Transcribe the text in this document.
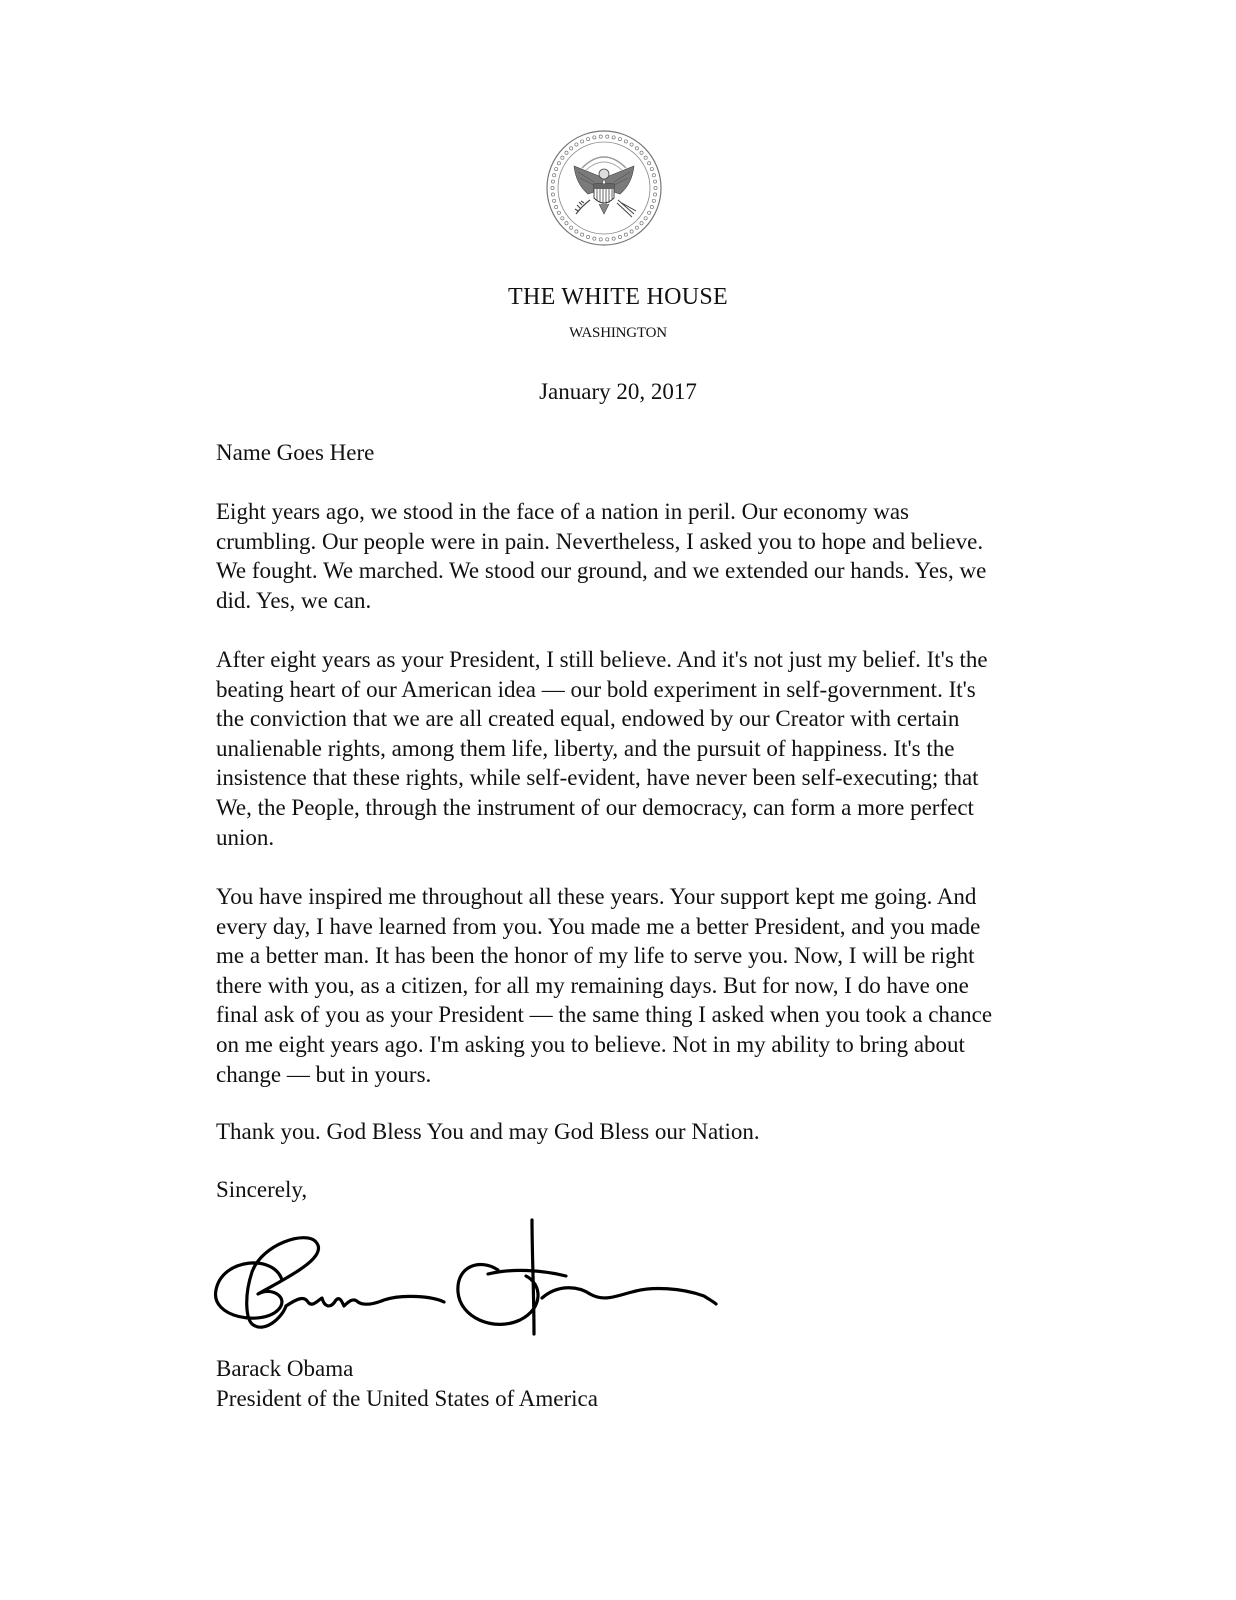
THE WHITE HOUSE

WASHINGTON

January 20, 2017

Name Goes Here

Eight years ago, we stood in the face of a nation in peril. Our economy was crumbling. Our people were in pain. Nevertheless, I asked you to hope and believe. We fought. We marched. We stood our ground, and we extended our hands. Yes, we did. Yes, we can.

After eight years as your President, I still believe. And it's not just my belief. It's the beating heart of our American idea — our bold experiment in self-government. It's the conviction that we are all created equal, endowed by our Creator with certain unalienable rights, among them life, liberty, and the pursuit of happiness. It's the insistence that these rights, while self-evident, have never been self-executing; that We, the People, through the instrument of our democracy, can form a more perfect union.

You have inspired me throughout all these years. Your support kept me going. And every day, I have learned from you. You made me a better President, and you made me a better man. It has been the honor of my life to serve you. Now, I will be right there with you, as a citizen, for all my remaining days. But for now, I do have one final ask of you as your President — the same thing I asked when you took a chance on me eight years ago. I'm asking you to believe. Not in my ability to bring about change — but in yours.

Thank you. God Bless You and may God Bless our Nation.

Sincerely,

Barack Obama
President of the United States of America
